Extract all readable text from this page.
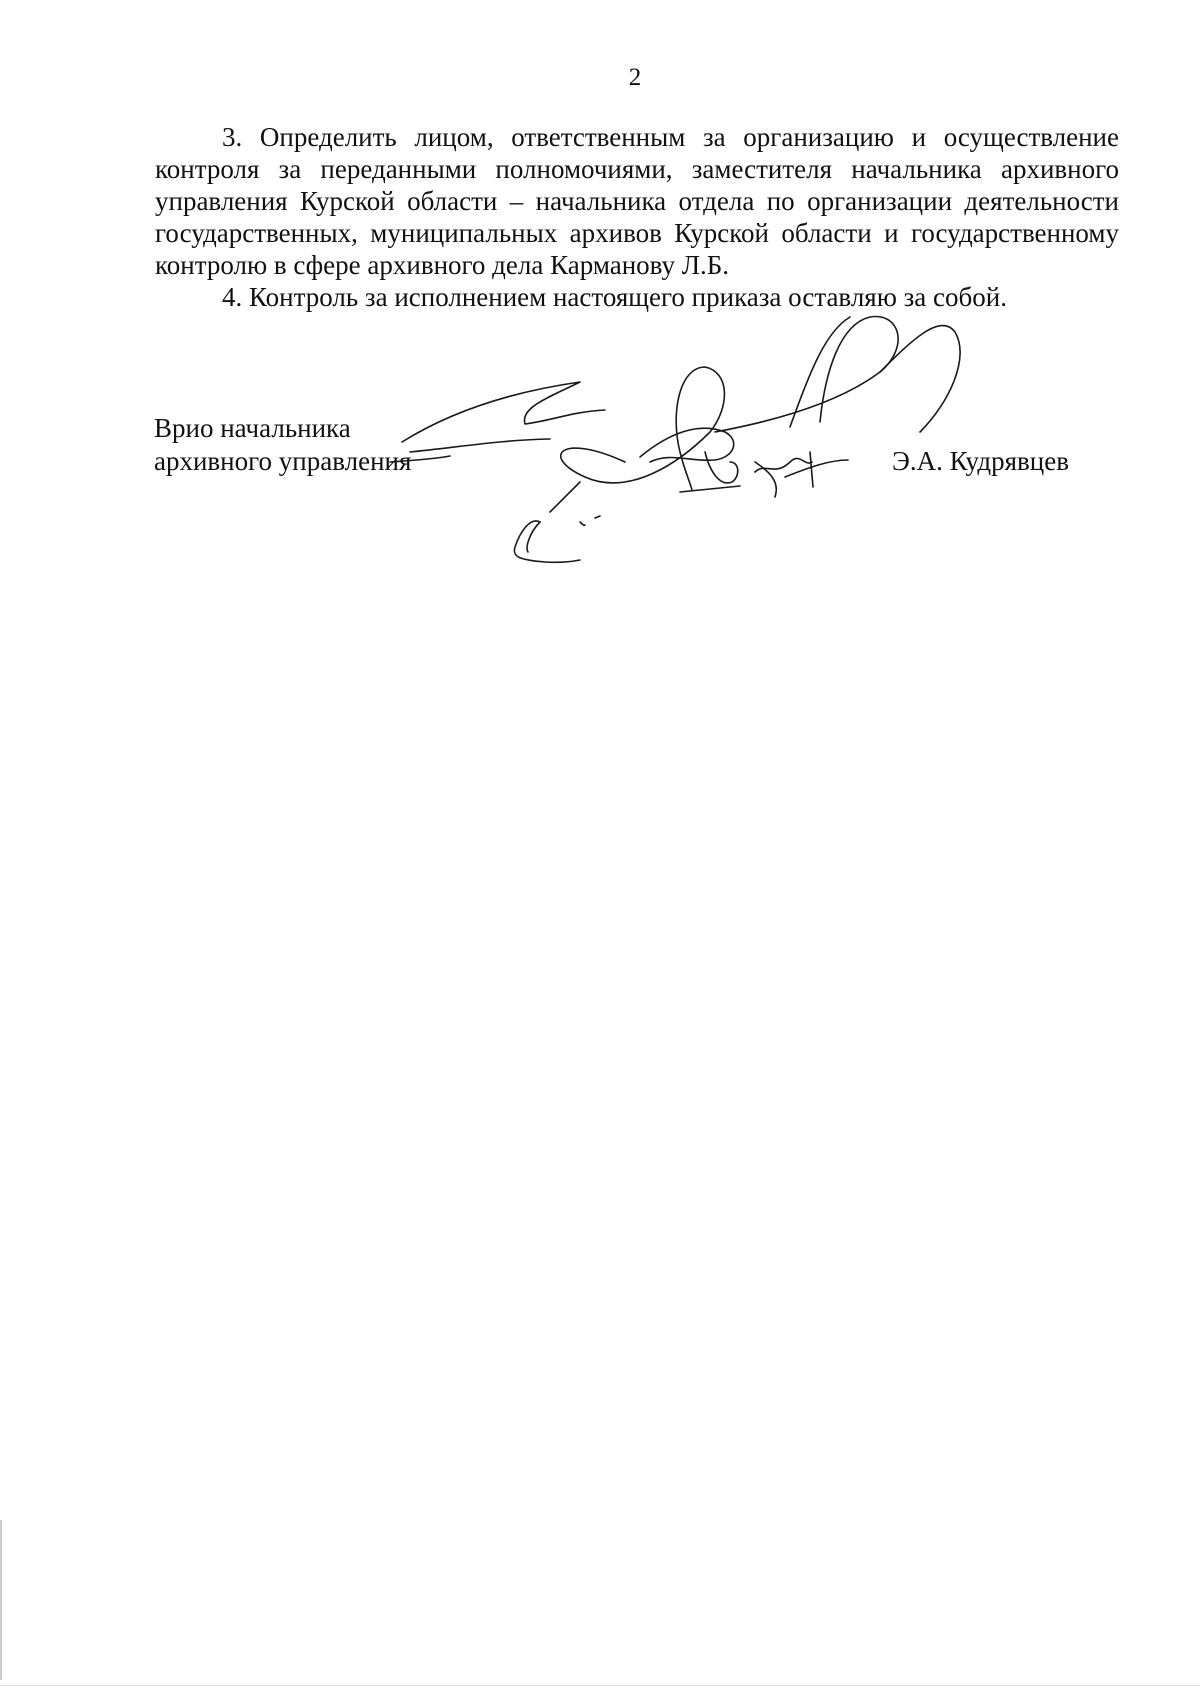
2

3. Определить лицом, ответственным за организацию и осуществление контроля за переданными полномочиями, заместителя начальника архивного управления Курской области – начальника отдела по организации деятельности государственных, муниципальных архивов Курской области и государственному контролю в сфере архивного дела Карманову Л.Б.

4. Контроль за исполнением настоящего приказа оставляю за собой.

Врио начальника
архивного управления	Э.А. Кудрявцев
